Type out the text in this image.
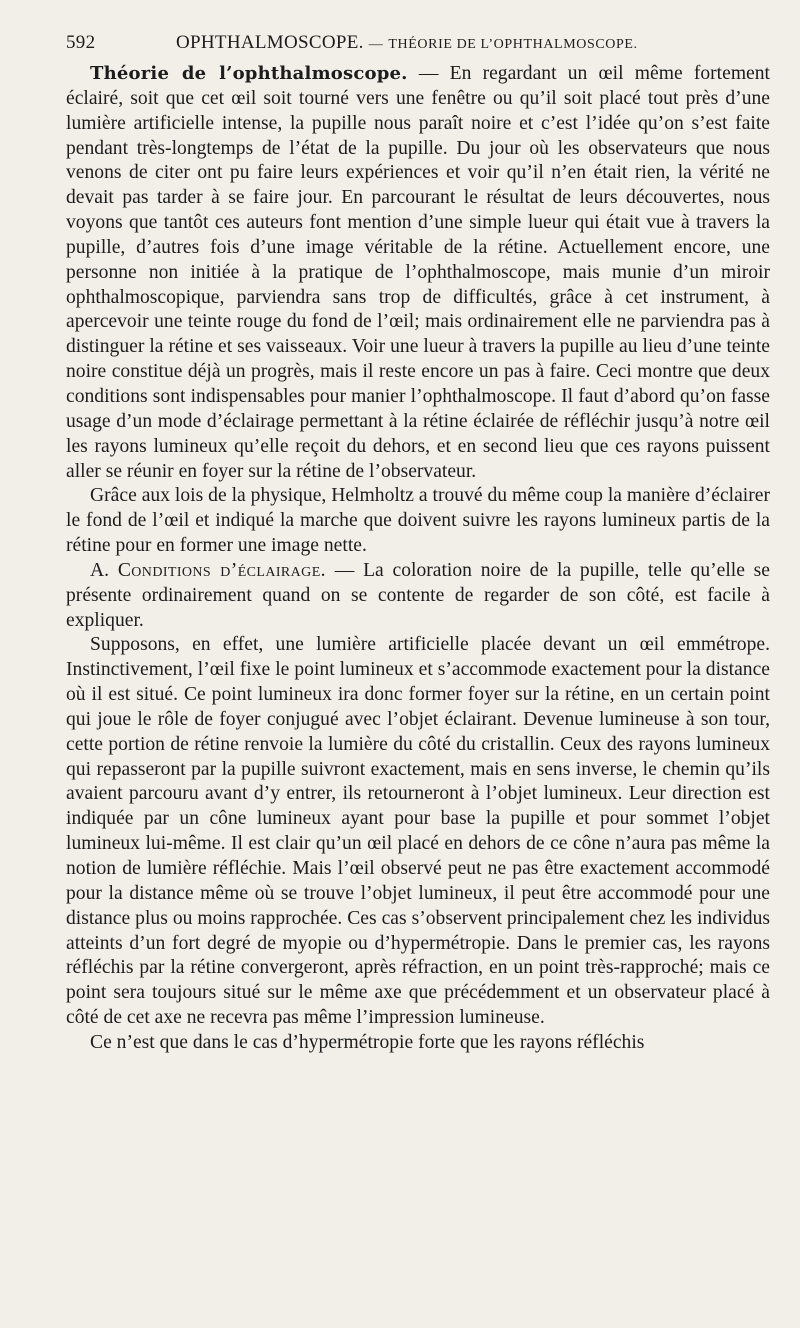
592	OPHTHALMOSCOPE. — THÉORIE DE L’OPHTHALMOSCOPE.

Théorie de l’ophthalmoscope. — En regardant un œil même fortement éclairé, soit que cet œil soit tourné vers une fenêtre ou qu’il soit placé tout près d’une lumière artificielle intense, la pupille nous paraît noire et c’est l’idée qu’on s’est faite pendant très-longtemps de l’état de la pupille. Du jour où les observateurs que nous venons de citer ont pu faire leurs expériences et voir qu’il n’en était rien, la vérité ne devait pas tarder à se faire jour. En parcourant le résultat de leurs découvertes, nous voyons que tantôt ces auteurs font mention d’une simple lueur qui était vue à travers la pupille, d’autres fois d’une image véritable de la rétine. Actuellement encore, une personne non initiée à la pratique de l’ophthalmoscope, mais munie d’un miroir ophthalmoscopique, parviendra sans trop de difficultés, grâce à cet instrument, à apercevoir une teinte rouge du fond de l’œil; mais ordinairement elle ne parviendra pas à distinguer la rétine et ses vaisseaux. Voir une lueur à travers la pupille au lieu d’une teinte noire constitue déjà un progrès, mais il reste encore un pas à faire. Ceci montre que deux conditions sont indispensables pour manier l’ophthalmoscope. Il faut d’abord qu’on fasse usage d’un mode d’éclairage permettant à la rétine éclairée de réfléchir jusqu’à notre œil les rayons lumineux qu’elle reçoit du dehors, et en second lieu que ces rayons puissent aller se réunir en foyer sur la rétine de l’observateur.

Grâce aux lois de la physique, Helmholtz a trouvé du même coup la manière d’éclairer le fond de l’œil et indiqué la marche que doivent suivre les rayons lumineux partis de la rétine pour en former une image nette.

A. Conditions d’éclairage. — La coloration noire de la pupille, telle qu’elle se présente ordinairement quand on se contente de regarder de son côté, est facile à expliquer.

Supposons, en effet, une lumière artificielle placée devant un œil emmétrope. Instinctivement, l’œil fixe le point lumineux et s’accommode exactement pour la distance où il est situé. Ce point lumineux ira donc former foyer sur la rétine, en un certain point qui joue le rôle de foyer conjugué avec l’objet éclairant. Devenue lumineuse à son tour, cette portion de rétine renvoie la lumière du côté du cristallin. Ceux des rayons lumineux qui repasseront par la pupille suivront exactement, mais en sens inverse, le chemin qu’ils avaient parcouru avant d’y entrer, ils retourneront à l’objet lumineux. Leur direction est indiquée par un cône lumineux ayant pour base la pupille et pour sommet l’objet lumineux lui-même. Il est clair qu’un œil placé en dehors de ce cône n’aura pas même la notion de lumière réfléchie. Mais l’œil observé peut ne pas être exactement accommodé pour la distance même où se trouve l’objet lumineux, il peut être accommodé pour une distance plus ou moins rapprochée. Ces cas s’observent principalement chez les individus atteints d’un fort degré de myopie ou d’hypermétropie. Dans le premier cas, les rayons réfléchis par la rétine convergeront, après réfraction, en un point très-rapproché; mais ce point sera toujours situé sur le même axe que précédemment et un observateur placé à côté de cet axe ne recevra pas même l’impression lumineuse.

Ce n’est que dans le cas d’hypermétropie forte que les rayons réfléchis
